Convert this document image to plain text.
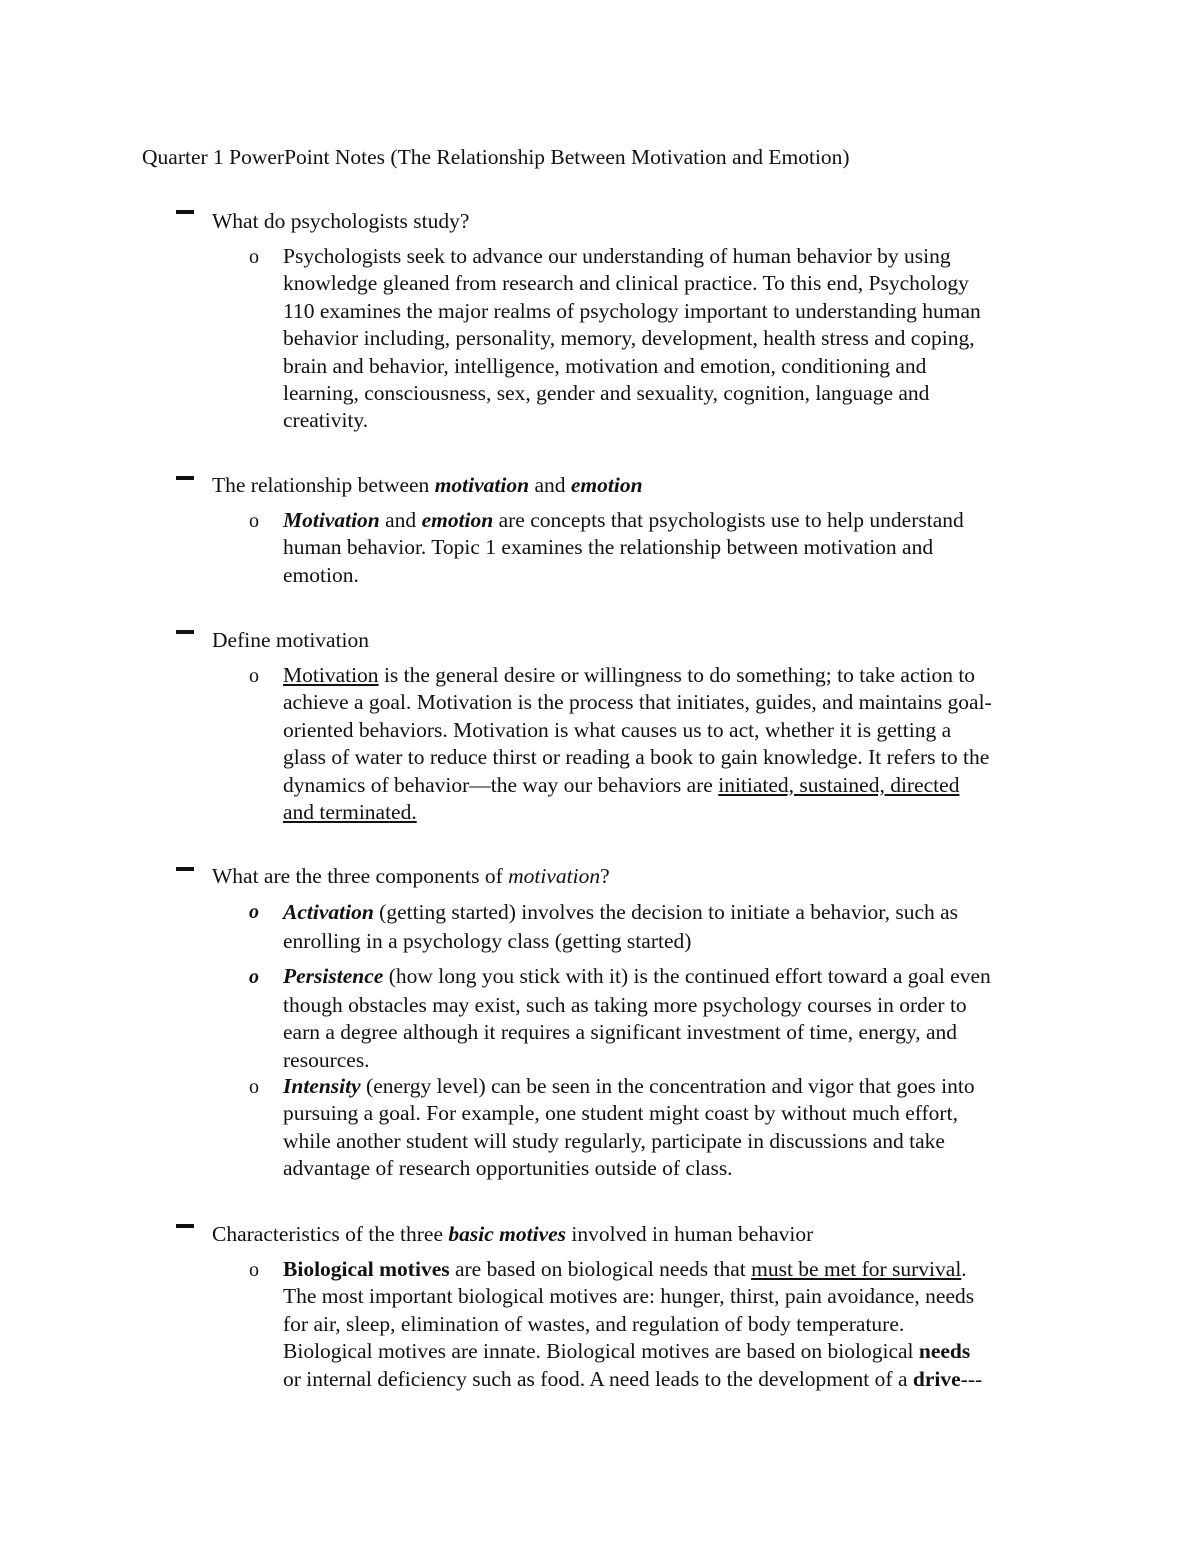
Quarter 1 PowerPoint Notes (The Relationship Between Motivation and Emotion)
What do psychologists study?
o Psychologists seek to advance our understanding of human behavior by using
knowledge gleaned from research and clinical practice. To this end, Psychology
110 examines the major realms of psychology important to understanding human
behavior including, personality, memory, development, health stress and coping,
brain and behavior, intelligence, motivation and emotion, conditioning and
learning, consciousness, sex, gender and sexuality, cognition, language and
creativity.
The relationship between motivation and emotion
o Motivation and emotion are concepts that psychologists use to help understand
human behavior. Topic 1 examines the relationship between motivation and
emotion.
Define motivation
o Motivation is the general desire or willingness to do something; to take action to
achieve a goal. Motivation is the process that initiates, guides, and maintains goal-
oriented behaviors. Motivation is what causes us to act, whether it is getting a
glass of water to reduce thirst or reading a book to gain knowledge. It refers to the
dynamics of behavior—the way our behaviors are initiated, sustained, directed
and terminated.
What are the three components of motivation?
o Activation (getting started) involves the decision to initiate a behavior, such as
enrolling in a psychology class (getting started)
o Persistence (how long you stick with it) is the continued effort toward a goal even
though obstacles may exist, such as taking more psychology courses in order to
earn a degree although it requires a significant investment of time, energy, and
resources.
o Intensity (energy level) can be seen in the concentration and vigor that goes into
pursuing a goal. For example, one student might coast by without much effort,
while another student will study regularly, participate in discussions and take
advantage of research opportunities outside of class.
Characteristics of the three basic motives involved in human behavior
o Biological motives are based on biological needs that must be met for survival.
The most important biological motives are: hunger, thirst, pain avoidance, needs
for air, sleep, elimination of wastes, and regulation of body temperature.
Biological motives are innate. Biological motives are based on biological needs
or internal deficiency such as food. A need leads to the development of a drive---
